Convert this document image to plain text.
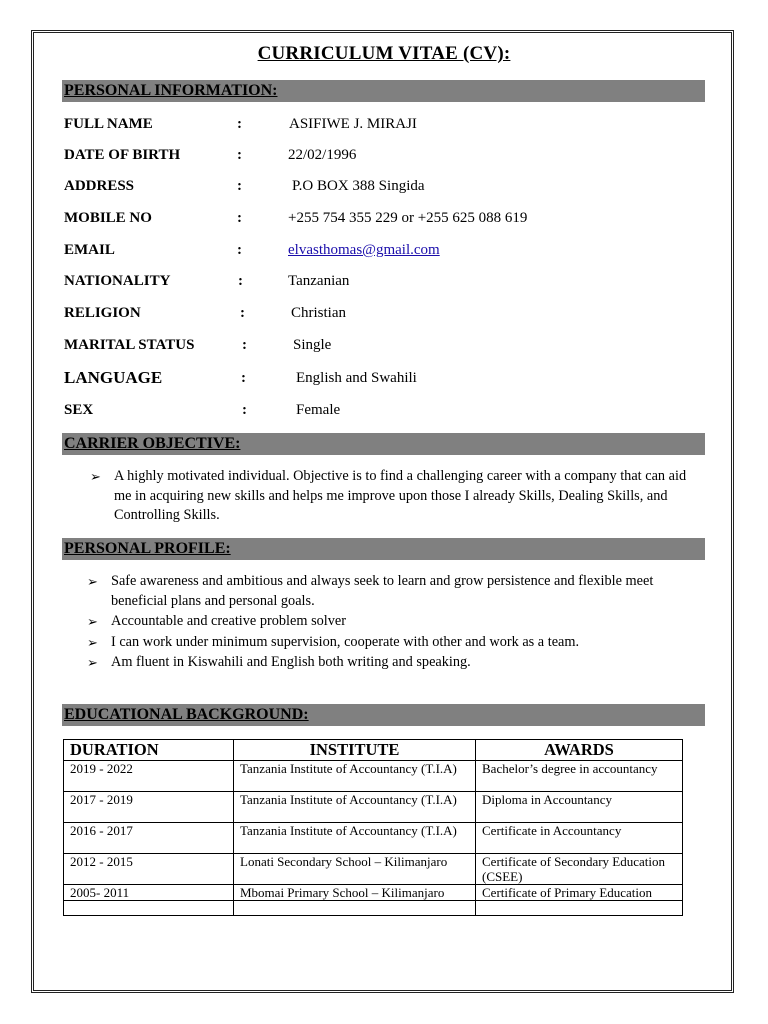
CURRICULUM VITAE (CV):
PERSONAL INFORMATION:
FULL NAME	:	ASIFIWE J. MIRAJI
DATE OF BIRTH	:	22/02/1996
ADDRESS	:	P.O BOX 388 Singida
MOBILE NO	:	+255 754 355 229 or +255 625 088 619
EMAIL	:	elvasthomas@gmail.com
NATIONALITY	:	Tanzanian
RELIGION	:	Christian
MARITAL STATUS	:	Single
LANGUAGE	:	English and Swahili
SEX	:	Female
CARRIER OBJECTIVE:
➢ A highly motivated individual. Objective is to find a challenging career with a company that can aid me in acquiring new skills and helps me improve upon those I already Skills, Dealing Skills, and Controlling Skills.
PERSONAL PROFILE:
➢ Safe awareness and ambitious and always seek to learn and grow persistence and flexible meet beneficial plans and personal goals.
➢ Accountable and creative problem solver
➢ I can work under minimum supervision, cooperate with other and work as a team.
➢ Am fluent in Kiswahili and English both writing and speaking.
EDUCATIONAL BACKGROUND:
DURATION	INSTITUTE	AWARDS
2019 - 2022	Tanzania Institute of Accountancy (T.I.A)	Bachelor’s degree in accountancy
2017 - 2019	Tanzania Institute of Accountancy (T.I.A)	Diploma in Accountancy
2016 - 2017	Tanzania Institute of Accountancy (T.I.A)	Certificate in Accountancy
2012 - 2015	Lonati Secondary School – Kilimanjaro	Certificate of Secondary Education (CSEE)
2005- 2011	Mbomai Primary School – Kilimanjaro	Certificate of Primary Education
